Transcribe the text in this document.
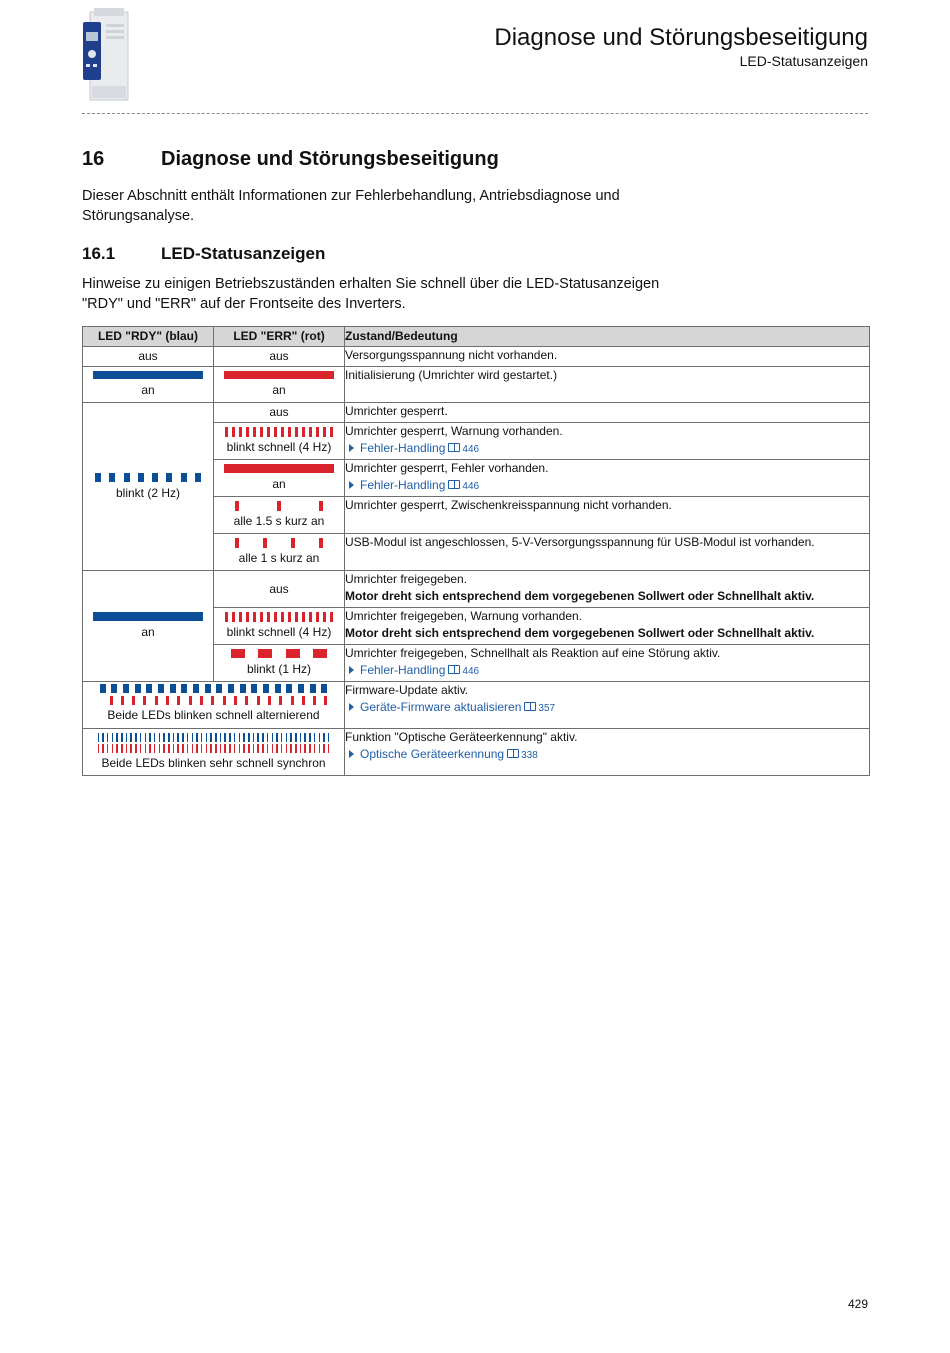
Diagnose und Störungsbeseitigung
LED-Statusanzeigen
16	Diagnose und Störungsbeseitigung
Dieser Abschnitt enthält Informationen zur Fehlerbehandlung, Antriebsdiagnose und Störungsanalyse.
16.1	LED-Statusanzeigen
Hinweise zu einigen Betriebszuständen erhalten Sie schnell über die LED-Statusanzeigen "RDY" und "ERR" auf der Frontseite des Inverters.
LED "RDY" (blau)	LED "ERR" (rot)	Zustand/Bedeutung

aus	aus	Versorgungsspannung nicht vorhanden.

an	an	Initialisierung (Umrichter wird gestartet.)

blinkt (2 Hz)	aus	Umrichter gesperrt.

	blinkt schnell (4 Hz)	Umrichter gesperrt, Warnung vorhanden.
Fehler-Handling 446

	an	Umrichter gesperrt, Fehler vorhanden.
Fehler-Handling 446

	alle 1.5 s kurz an	Umrichter gesperrt, Zwischenkreisspannung nicht vorhanden.

	alle 1 s kurz an	USB-Modul ist angeschlossen, 5-V-Versorgungsspannung für USB-Modul ist vorhanden.

an	aus	Umrichter freigegeben.
Motor dreht sich entsprechend dem vorgegebenen Sollwert oder Schnellhalt aktiv.

	blinkt schnell (4 Hz)	Umrichter freigegeben, Warnung vorhanden.
Motor dreht sich entsprechend dem vorgegebenen Sollwert oder Schnellhalt aktiv.

	blinkt (1 Hz)	Umrichter freigegeben, Schnellhalt als Reaktion auf eine Störung aktiv.
Fehler-Handling 446

Beide LEDs blinken schnell alternierend		Firmware-Update aktiv.
Geräte-Firmware aktualisieren 357

Beide LEDs blinken sehr schnell synchron		Funktion "Optische Geräteerkennung" aktiv.
Optische Geräteerkennung 338
429
